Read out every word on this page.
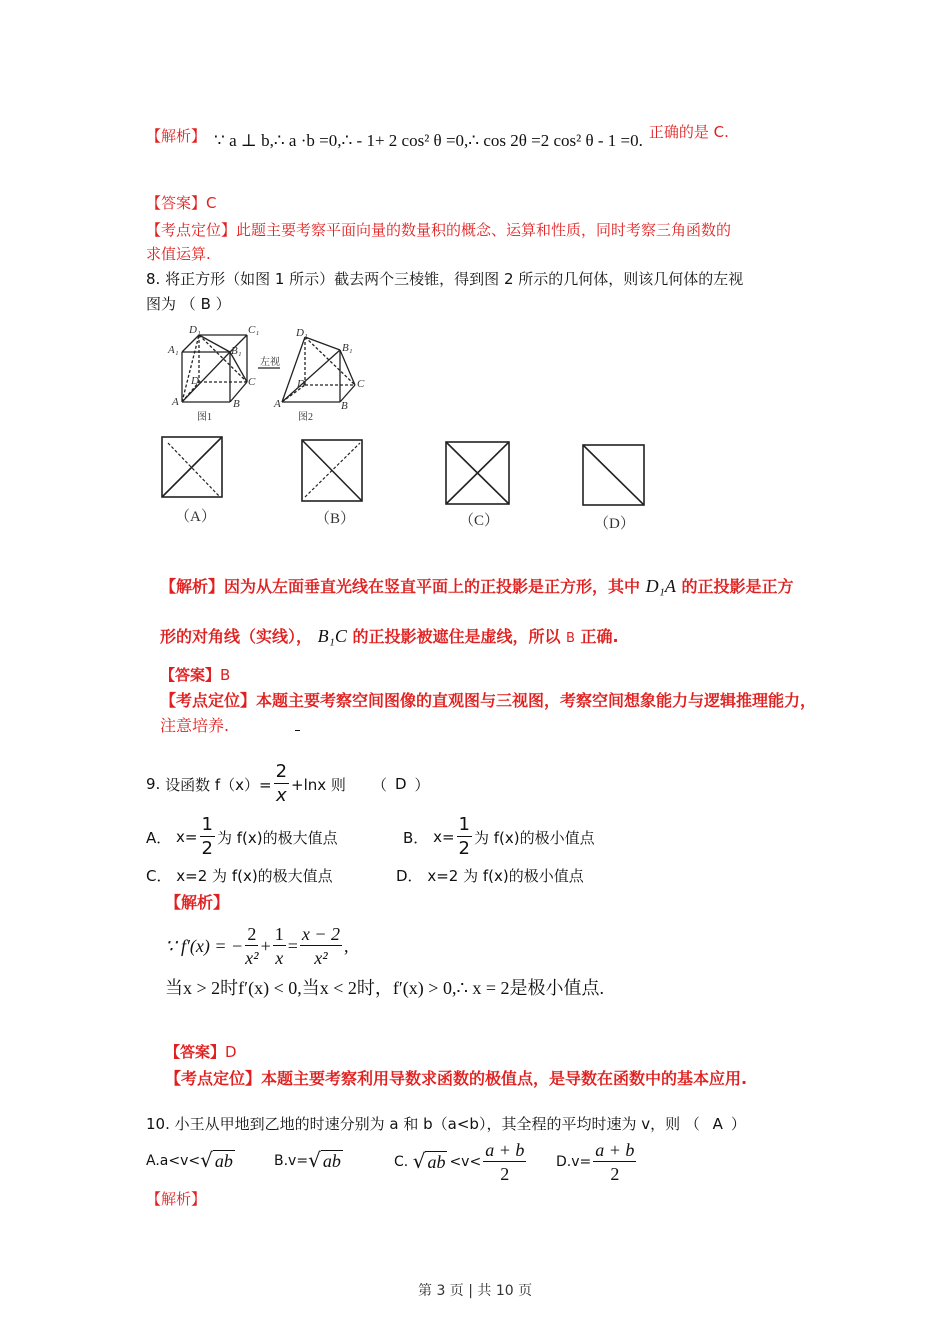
【解析】 ∵ a ⊥ b,∴ a ·b =0,∴ - 1+ 2 cos² θ =0,∴ cos 2θ =2 cos² θ - 1 =0. 正确的是 C.
【答案】C
【考点定位】此题主要考察平面向量的数量积的概念、运算和性质，同时考察三角函数的
求值运算.
8. 将正方形（如图 1 所示）截去两个三棱锥，得到图 2 所示的几何体，则该几何体的左视
图为 （ B ）
D₁	C₁
A₁	B₁
D	C
A	B
图1
左视
D₁
B₁
D	C
A	B
图2
（A）	（B）	（C）	（D）
【解析】因为从左面垂直光线在竖直平面上的正投影是正方形，其中 D₁A 的正投影是正方
形的对角线（实线）， B₁C 的正投影被遮住是虚线，所以 B 正确.
【答案】B
【考点定位】本题主要考察空间图像的直观图与三视图，考察空间想象能力与逻辑推理能力，
注意培养.
9.
设函数 $f(x)= \frac{2}{x} +\ln x$ 则 （ D ）
A．
$x= \frac{1}{2}$ 为 f(x)的极大值点	B．
$x= \frac{1}{2}$ 为 f(x)的极小值点
C． x=2 为 f(x)的极大值点	D． x=2 为 f(x)的极小值点
【解析】
∵ f′(x) = − $\frac{2}{\text{x²}} + \frac{1}{x} = \frac{x - 2}{\text{x²}}$ ,
当x > 2时f′(x) < 0,当x < 2时，f′(x) > 0,∴ x = 2是极小值点.
【答案】D
【考点定位】本题主要考察利用导数求函数的极值点，是导数在函数中的基本应用.
10. 小王从甲地到乙地的时速分别为 a 和 b（a<b），其全程的平均时速为 v，则 （ A ）
A.a<v< √ ab	B.v= √ ab	C.
√ ab $<v< \frac{a + b}{2} D.v= \frac{a + b}{2}$
【解析】
第 3 页 | 共 10 页
